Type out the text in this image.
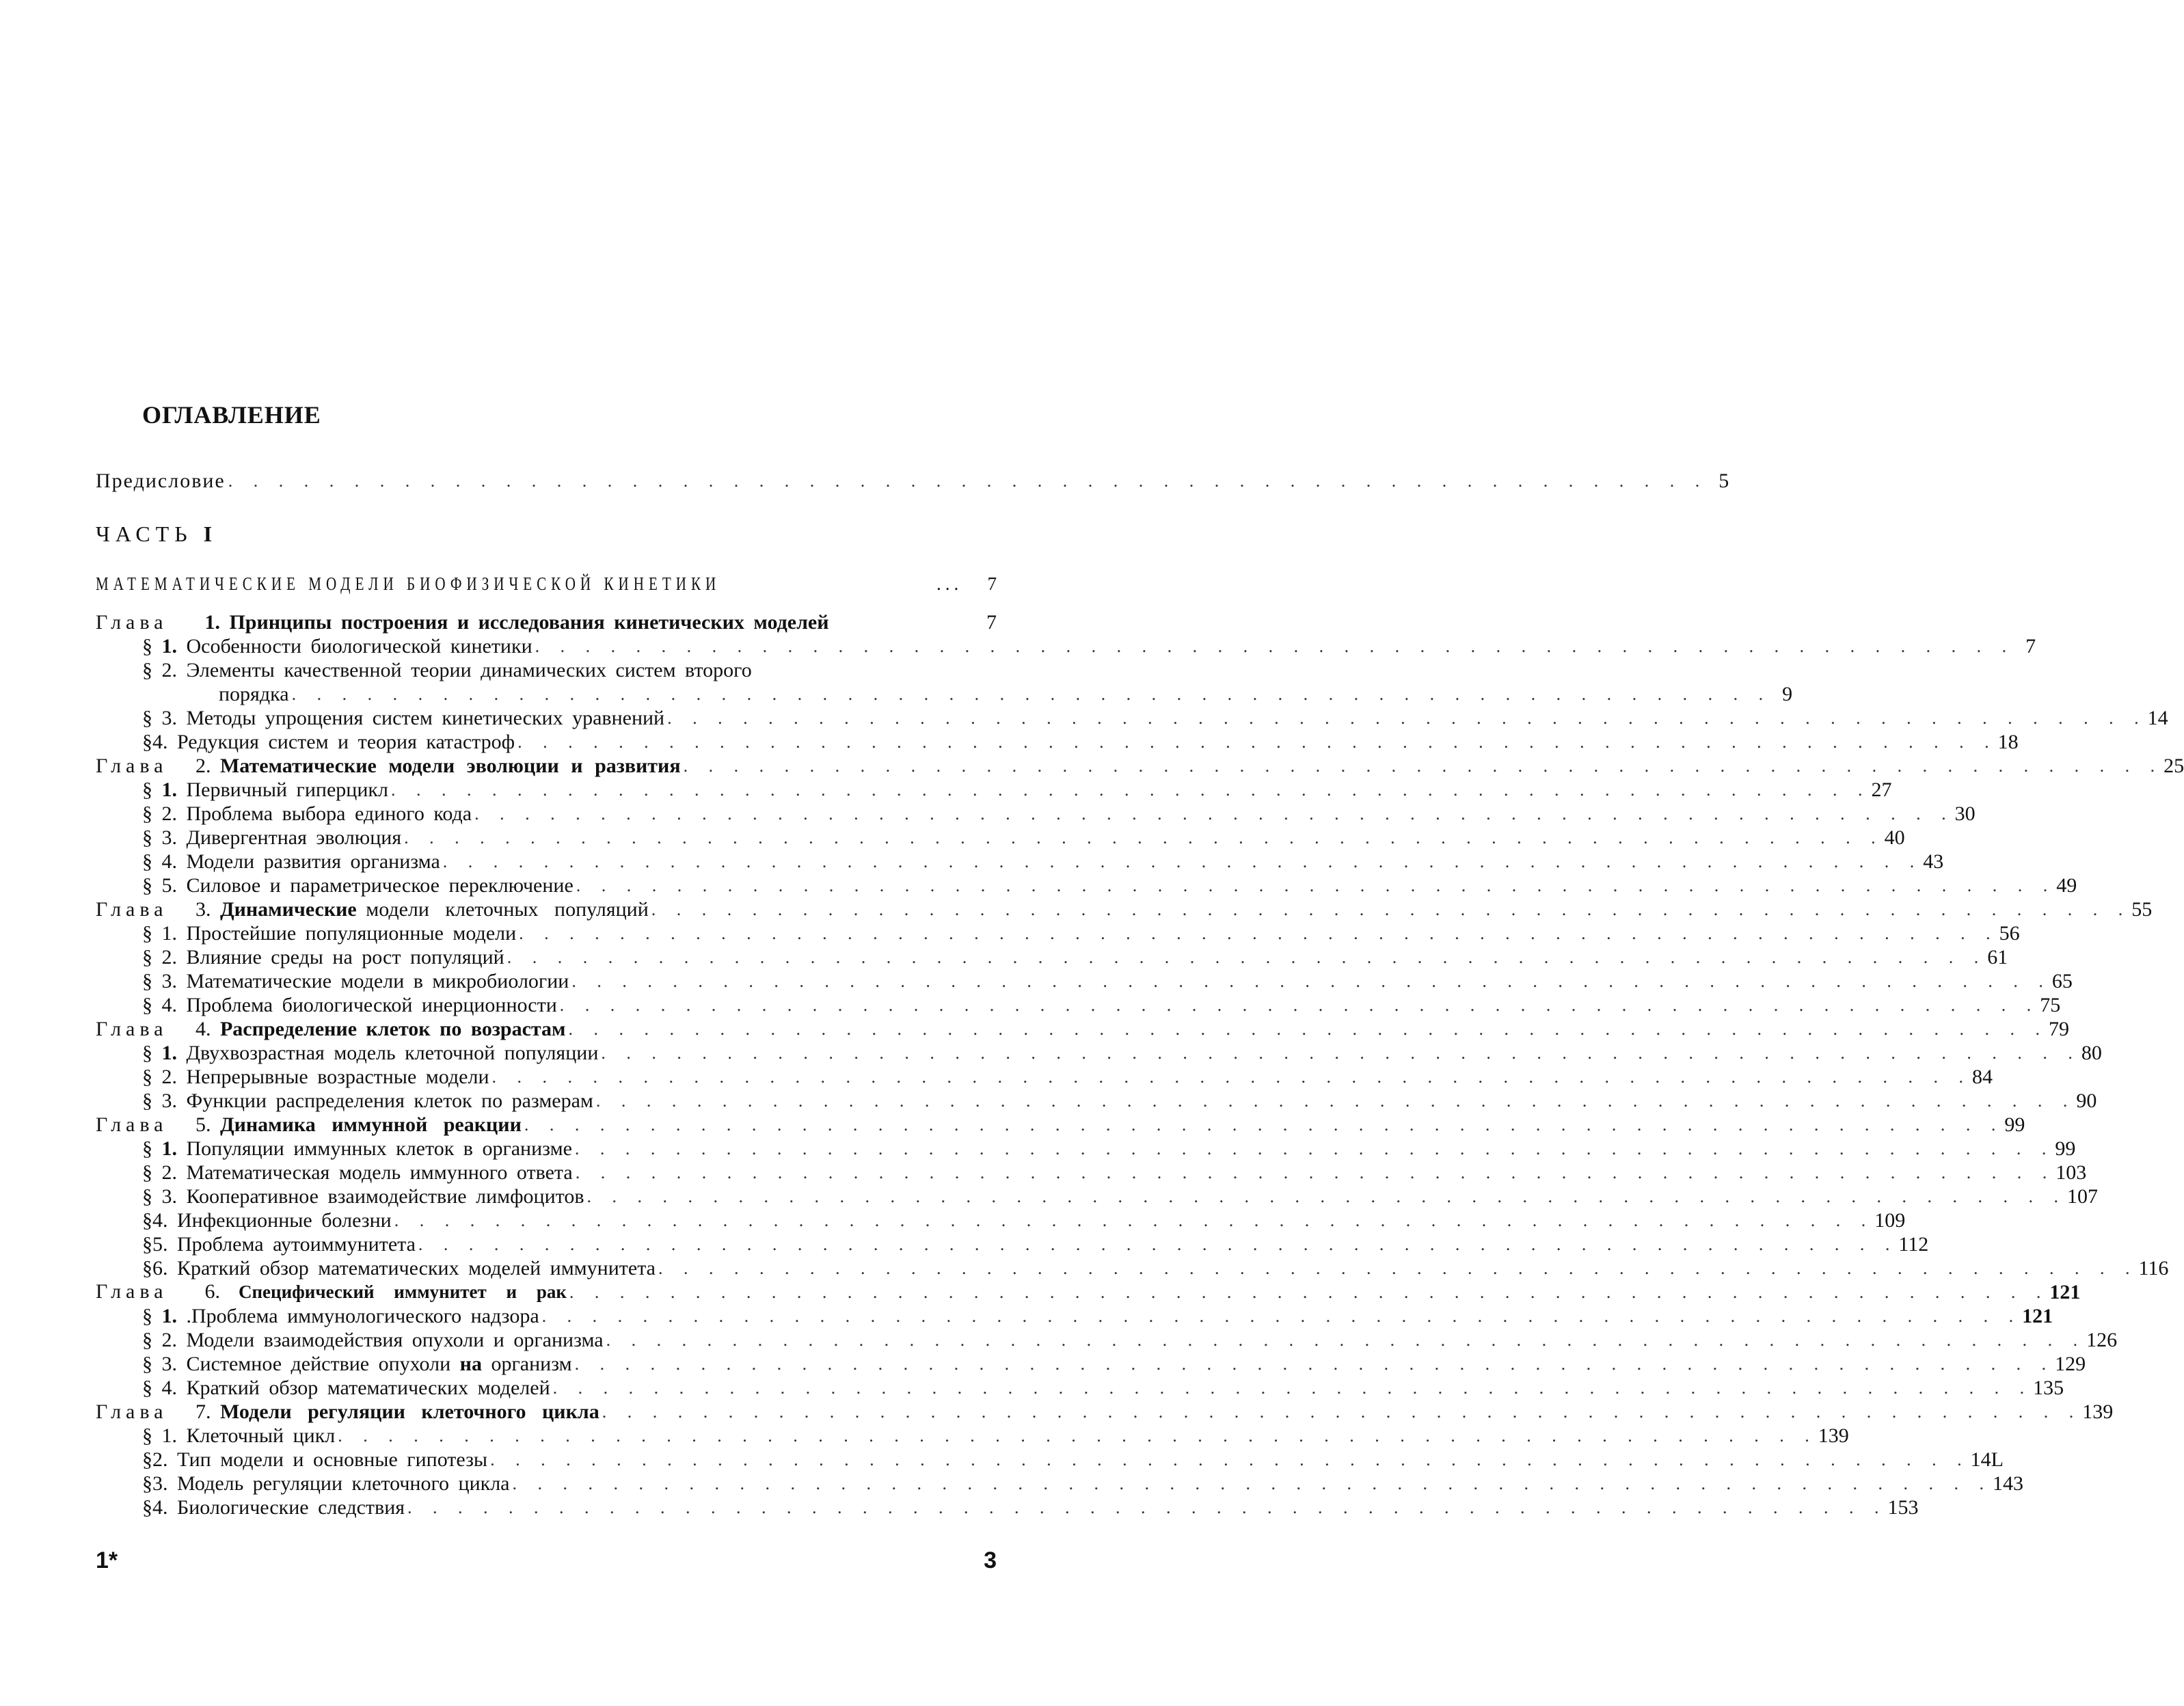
ОГЛАВЛЕНИЕ
Предисловие . . . . . . . . . . . . . . . . . . . . . . . . . . . . . . . . . . . . . . . . . . . . . . . . . . . . . . . . . . . 5
ЧАСТЬ I
МАТЕМАТИЧЕСКИЕ МОДЕЛИ БИОФИЗИЧЕСКОЙ КИНЕТИКИ	...	7
Глава 1. Принципы построения и исследования кинетических моделей	7
§ 1. Особенности биологической кинетики . . . . . . . . . . . . . . . . . . . . . . . . . . . . . . . . . . . . . . . . . . . . . . . . . . . . . . . . . . . 7
§ 2. Элементы качественной теории динамических систем второго
порядка . . . . . . . . . . . . . . . . . . . . . . . . . . . . . . . . . . . . . . . . . . . . . . . . . . . . . . . . . . . 9
§ 3. Методы упрощения систем кинетических уравнений . . . . . . . . . . . . . . . . . . . . . . . . . . . . . . . . . . . . . . . . . . . . . . . . . . . . . . . . . . . 14
§4. Редукция систем и теория катастроф . . . . . . . . . . . . . . . . . . . . . . . . . . . . . . . . . . . . . . . . . . . . . . . . . . . . . . . . . . . 18
Глава 2. Математические модели эволюции и развития . . . . . . . . . . . . . . . . . . . . . . . . . . . . . . . . . . . . . . . . . . . . . . . . . . . . . . . . . . . 25
§ 1. Первичный гиперцикл . . . . . . . . . . . . . . . . . . . . . . . . . . . . . . . . . . . . . . . . . . . . . . . . . . . . . . . . . . . 27
§ 2. Проблема выбора единого кода . . . . . . . . . . . . . . . . . . . . . . . . . . . . . . . . . . . . . . . . . . . . . . . . . . . . . . . . . . . 30
§ 3. Дивергентная эволюция . . . . . . . . . . . . . . . . . . . . . . . . . . . . . . . . . . . . . . . . . . . . . . . . . . . . . . . . . . . 40
§ 4. Модели развития организма . . . . . . . . . . . . . . . . . . . . . . . . . . . . . . . . . . . . . . . . . . . . . . . . . . . . . . . . . . . 43
§ 5. Силовое и параметрическое переключение . . . . . . . . . . . . . . . . . . . . . . . . . . . . . . . . . . . . . . . . . . . . . . . . . . . . . . . . . . . 49
Глава 3. Динамические модели клеточных популяций . . . . . . . . . . . . . . . . . . . . . . . . . . . . . . . . . . . . . . . . . . . . . . . . . . . . . . . . . . . 55
§ 1. Простейшие популяционные модели . . . . . . . . . . . . . . . . . . . . . . . . . . . . . . . . . . . . . . . . . . . . . . . . . . . . . . . . . . . 56
§ 2. Влияние среды на рост популяций . . . . . . . . . . . . . . . . . . . . . . . . . . . . . . . . . . . . . . . . . . . . . . . . . . . . . . . . . . . 61
§ 3. Математические модели в микробиологии . . . . . . . . . . . . . . . . . . . . . . . . . . . . . . . . . . . . . . . . . . . . . . . . . . . . . . . . . . . 65
§ 4. Проблема биологической инерционности . . . . . . . . . . . . . . . . . . . . . . . . . . . . . . . . . . . . . . . . . . . . . . . . . . . . . . . . . . . 75
Глава 4. Распределение клеток по возрастам . . . . . . . . . . . . . . . . . . . . . . . . . . . . . . . . . . . . . . . . . . . . . . . . . . . . . . . . . . . 79
§ 1. Двухвозрастная модель клеточной популяции . . . . . . . . . . . . . . . . . . . . . . . . . . . . . . . . . . . . . . . . . . . . . . . . . . . . . . . . . . . 80
§ 2. Непрерывные возрастные модели . . . . . . . . . . . . . . . . . . . . . . . . . . . . . . . . . . . . . . . . . . . . . . . . . . . . . . . . . . . 84
§ 3. Функции распределения клеток по размерам . . . . . . . . . . . . . . . . . . . . . . . . . . . . . . . . . . . . . . . . . . . . . . . . . . . . . . . . . . . 90
Глава 5. Динамика иммунной реакции . . . . . . . . . . . . . . . . . . . . . . . . . . . . . . . . . . . . . . . . . . . . . . . . . . . . . . . . . . . 99
§ 1. Популяции иммунных клеток в организме . . . . . . . . . . . . . . . . . . . . . . . . . . . . . . . . . . . . . . . . . . . . . . . . . . . . . . . . . . . 99
§ 2. Математическая модель иммунного ответа . . . . . . . . . . . . . . . . . . . . . . . . . . . . . . . . . . . . . . . . . . . . . . . . . . . . . . . . . . . 103
§ 3. Кооперативное взаимодействие лимфоцитов . . . . . . . . . . . . . . . . . . . . . . . . . . . . . . . . . . . . . . . . . . . . . . . . . . . . . . . . . . . 107
§4. Инфекционные болезни . . . . . . . . . . . . . . . . . . . . . . . . . . . . . . . . . . . . . . . . . . . . . . . . . . . . . . . . . . . 109
§5. Проблема аутоиммунитета . . . . . . . . . . . . . . . . . . . . . . . . . . . . . . . . . . . . . . . . . . . . . . . . . . . . . . . . . . . 112
§6. Краткий обзор математических моделей иммунитета . . . . . . . . . . . . . . . . . . . . . . . . . . . . . . . . . . . . . . . . . . . . . . . . . . . . . . . . . . . 116
Глава 6. Специфический иммунитет и рак . . . . . . . . . . . . . . . . . . . . . . . . . . . . . . . . . . . . . . . . . . . . . . . . . . . . . . . . . . . 121
§ 1. .Проблема иммунологического надзора . . . . . . . . . . . . . . . . . . . . . . . . . . . . . . . . . . . . . . . . . . . . . . . . . . . . . . . . . . . 121
§ 2. Модели взаимодействия опухоли и организма . . . . . . . . . . . . . . . . . . . . . . . . . . . . . . . . . . . . . . . . . . . . . . . . . . . . . . . . . . . 126
§ 3. Системное действие опухоли на организм . . . . . . . . . . . . . . . . . . . . . . . . . . . . . . . . . . . . . . . . . . . . . . . . . . . . . . . . . . . 129
§ 4. Краткий обзор математических моделей . . . . . . . . . . . . . . . . . . . . . . . . . . . . . . . . . . . . . . . . . . . . . . . . . . . . . . . . . . . 135
Глава 7. Модели регуляции клеточного цикла . . . . . . . . . . . . . . . . . . . . . . . . . . . . . . . . . . . . . . . . . . . . . . . . . . . . . . . . . . . 139
§ 1. Клеточный цикл . . . . . . . . . . . . . . . . . . . . . . . . . . . . . . . . . . . . . . . . . . . . . . . . . . . . . . . . . . . 139
§2. Тип модели и основные гипотезы . . . . . . . . . . . . . . . . . . . . . . . . . . . . . . . . . . . . . . . . . . . . . . . . . . . . . . . . . . . 14L
§3. Модель регуляции клеточного цикла . . . . . . . . . . . . . . . . . . . . . . . . . . . . . . . . . . . . . . . . . . . . . . . . . . . . . . . . . . . 143
§4. Биологические следствия . . . . . . . . . . . . . . . . . . . . . . . . . . . . . . . . . . . . . . . . . . . . . . . . . . . . . . . . . . . 153
1*	3
